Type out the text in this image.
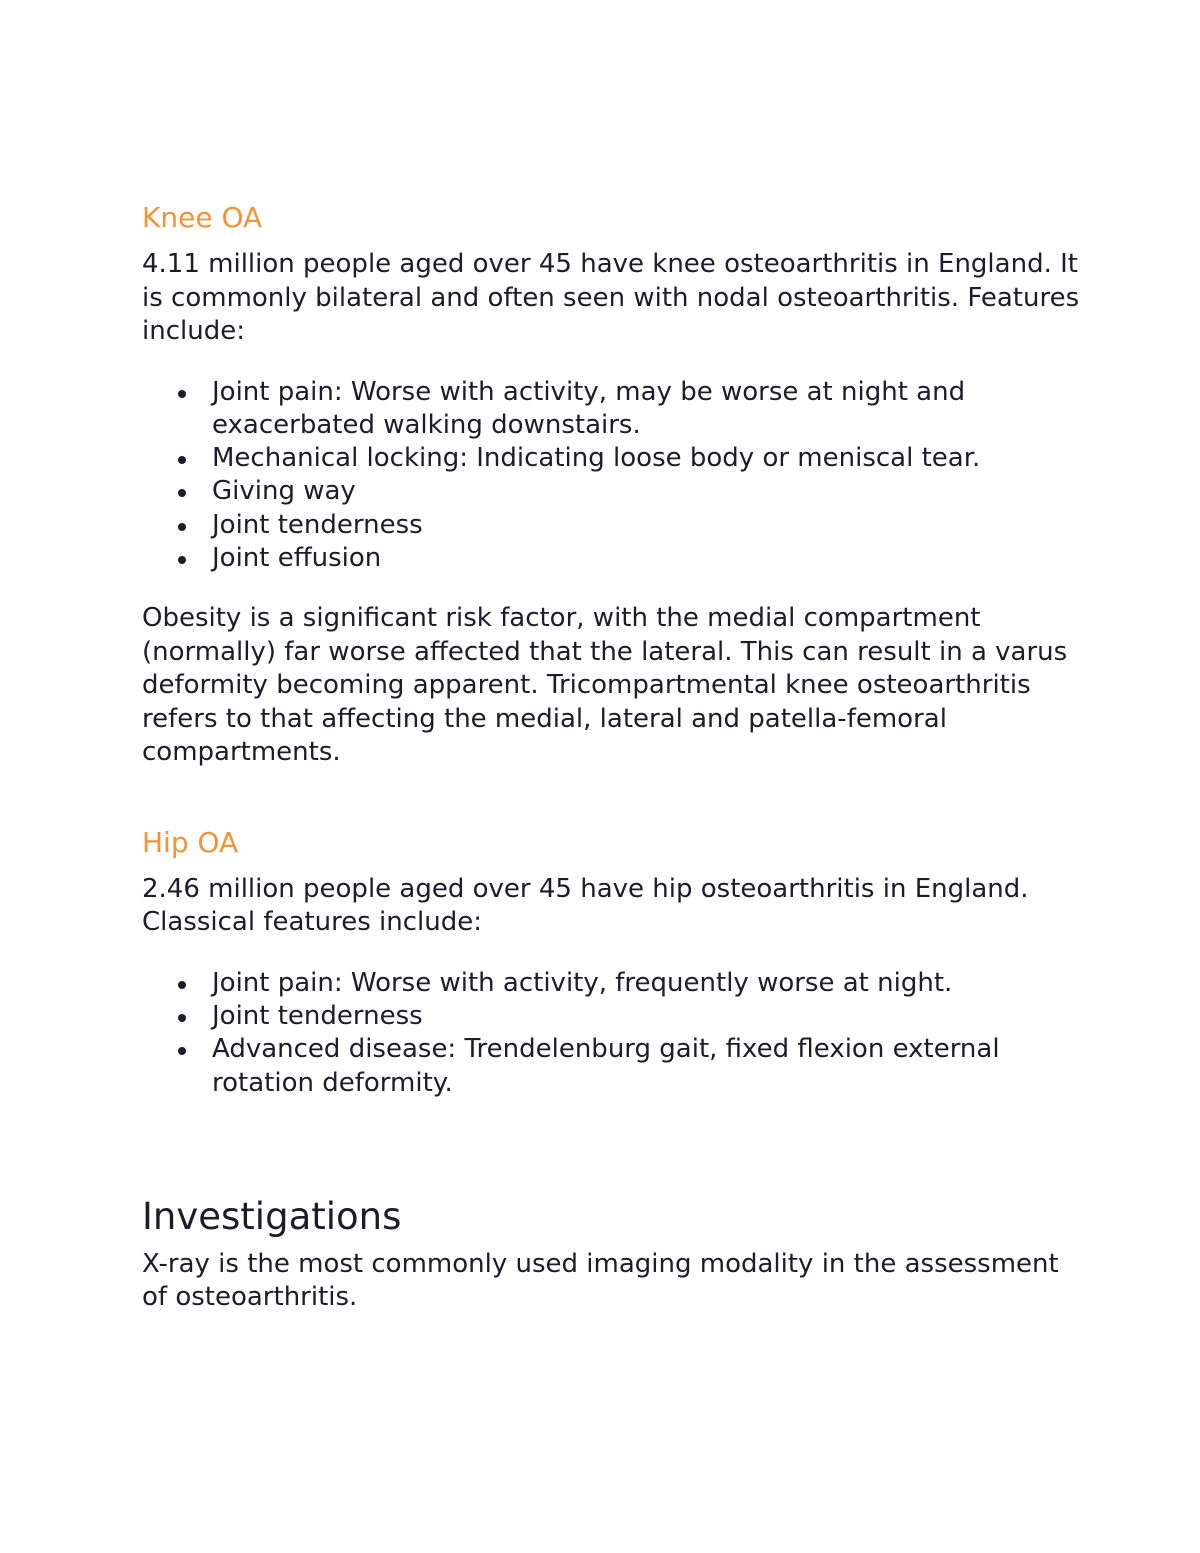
Knee OA

4.11 million people aged over 45 have knee osteoarthritis in England. It is commonly bilateral and often seen with nodal osteoarthritis. Features include:

Joint pain: Worse with activity, may be worse at night and exacerbated walking downstairs.
Mechanical locking: Indicating loose body or meniscal tear.
Giving way
Joint tenderness
Joint effusion

Obesity is a significant risk factor, with the medial compartment (normally) far worse affected that the lateral. This can result in a varus deformity becoming apparent. Tricompartmental knee osteoarthritis refers to that affecting the medial, lateral and patella-femoral compartments.

Hip OA

2.46 million people aged over 45 have hip osteoarthritis in England. Classical features include:

Joint pain: Worse with activity, frequently worse at night.
Joint tenderness
Advanced disease: Trendelenburg gait, fixed flexion external rotation deformity.
Investigations

X-ray is the most commonly used imaging modality in the assessment of osteoarthritis.
